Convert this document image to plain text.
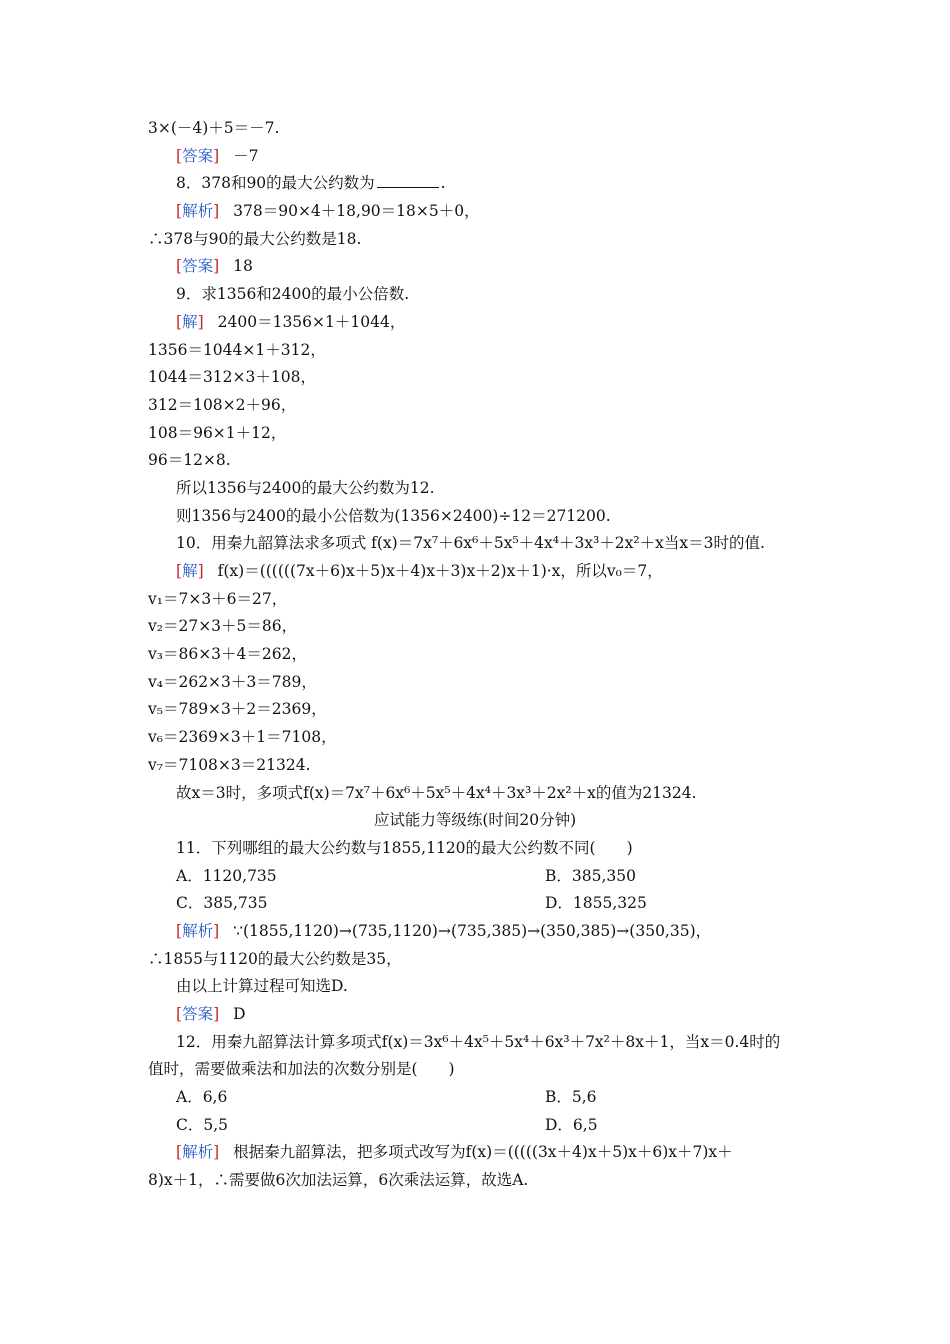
3×(－4)＋5＝－7.
[答案] －7
8．378和90的最大公约数为	.
[解析] 378＝90×4＋18,90＝18×5＋0，
∴378与90的最大公约数是18.
[答案] 18
9．求1356和2400的最小公倍数.
[解] 2400＝1356×1＋1044，
1356＝1044×1＋312，
1044＝312×3＋108，
312＝108×2＋96，
108＝96×1＋12，
96＝12×8.
所以1356与2400的最大公约数为12.
则1356与2400的最小公倍数为(1356×2400)÷12＝271200.
10．用秦九韶算法求多项式 f(x)＝7x⁷＋6x⁶＋5x⁵＋4x⁴＋3x³＋2x²＋x当x＝3时的值.
[解] f(x)＝((((((7x＋6)x＋5)x＋4)x＋3)x＋2)x＋1)·x，所以v₀＝7，
v₁＝7×3＋6＝27，
v₂＝27×3＋5＝86，
v₃＝86×3＋4＝262，
v₄＝262×3＋3＝789，
v₅＝789×3＋2＝2369，
v₆＝2369×3＋1＝7108，
v₇＝7108×3＝21324.
故x＝3时，多项式f(x)＝7x⁷＋6x⁶＋5x⁵＋4x⁴＋3x³＋2x²＋x的值为21324.
应试能力等级练(时间20分钟)
11．下列哪组的最大公约数与1855,1120的最大公约数不同(　　)
A．1120,735	B．385,350
C．385,735	D．1855,325
[解析] ∵(1855,1120)→(735,1120)→(735,385)→(350,385)→(350,35)，
∴1855与1120的最大公约数是35，
由以上计算过程可知选D.
[答案] D
12．用秦九韶算法计算多项式f(x)＝3x⁶＋4x⁵＋5x⁴＋6x³＋7x²＋8x＋1，当x＝0.4时的
值时，需要做乘法和加法的次数分别是(　　)
A．6,6	B．5,6
C．5,5	D．6,5
[解析] 根据秦九韶算法，把多项式改写为f(x)＝(((((3x＋4)x＋5)x＋6)x＋7)x＋
8)x＋1，∴需要做6次加法运算，6次乘法运算，故选A.
